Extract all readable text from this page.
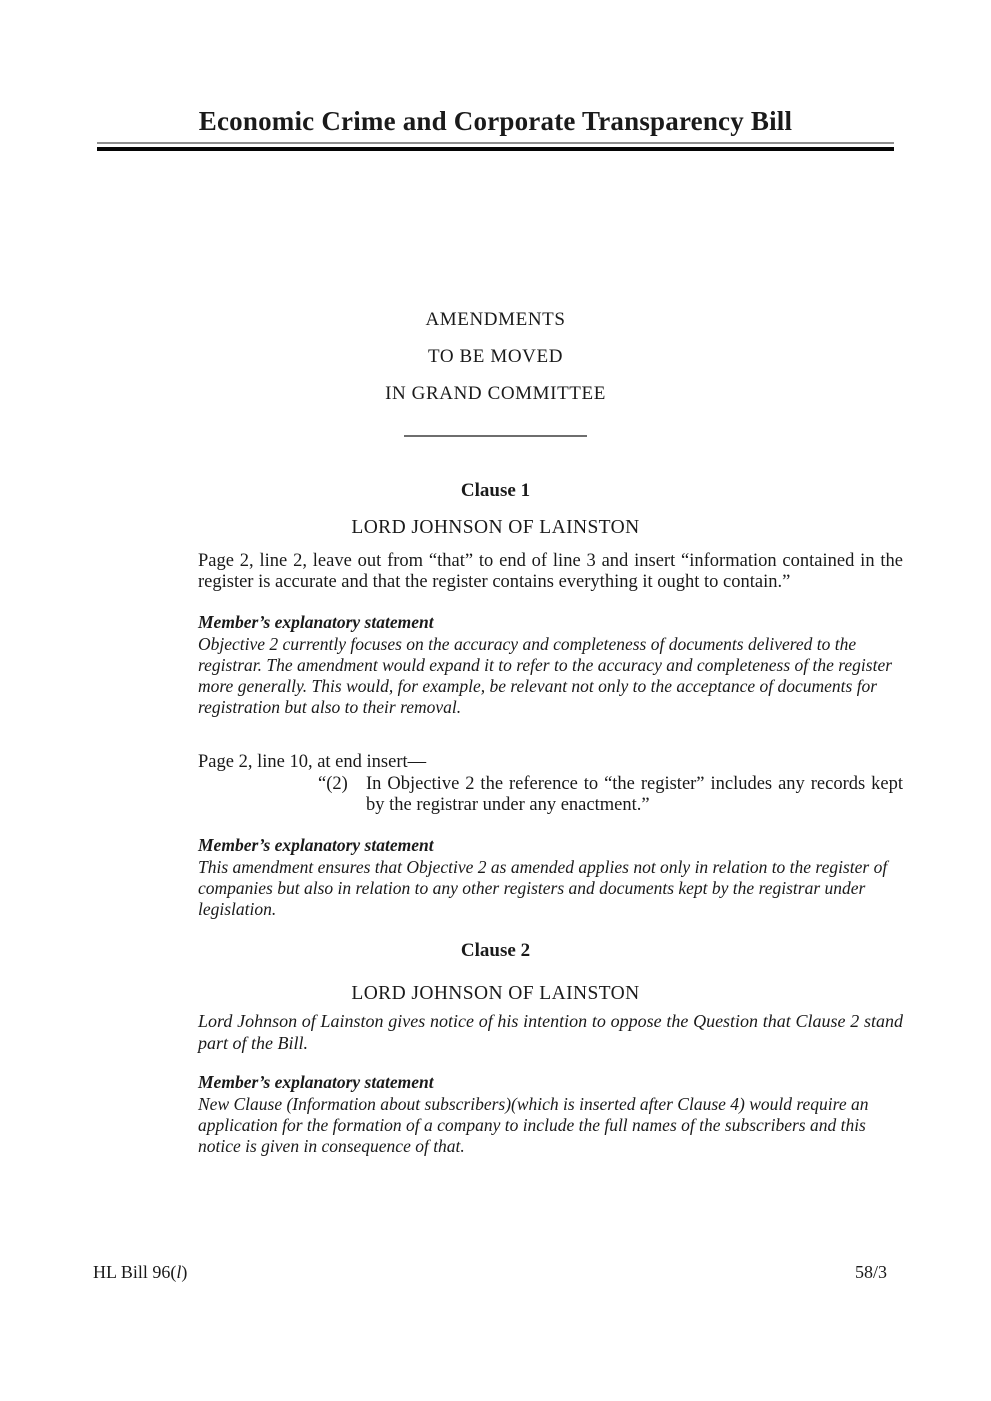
Economic Crime and Corporate Transparency Bill
AMENDMENTS
TO BE MOVED
IN GRAND COMMITTEE
Clause 1
LORD JOHNSON OF LAINSTON
Page 2, line 2, leave out from “that” to end of line 3 and insert “information contained in the register is accurate and that the register contains everything it ought to contain.”
Member’s explanatory statement
Objective 2 currently focuses on the accuracy and completeness of documents delivered to the registrar. The amendment would expand it to refer to the accuracy and completeness of the register more generally. This would, for example, be relevant not only to the acceptance of documents for registration but also to their removal.
Page 2, line 10, at end insert—
“(2) In Objective 2 the reference to “the register” includes any records kept by the registrar under any enactment.”
Member’s explanatory statement
This amendment ensures that Objective 2 as amended applies not only in relation to the register of companies but also in relation to any other registers and documents kept by the registrar under legislation.
Clause 2
LORD JOHNSON OF LAINSTON
Lord Johnson of Lainston gives notice of his intention to oppose the Question that Clause 2 stand part of the Bill.
Member’s explanatory statement
New Clause (Information about subscribers)(which is inserted after Clause 4) would require an application for the formation of a company to include the full names of the subscribers and this notice is given in consequence of that.
HL Bill 96(l)	58/3
